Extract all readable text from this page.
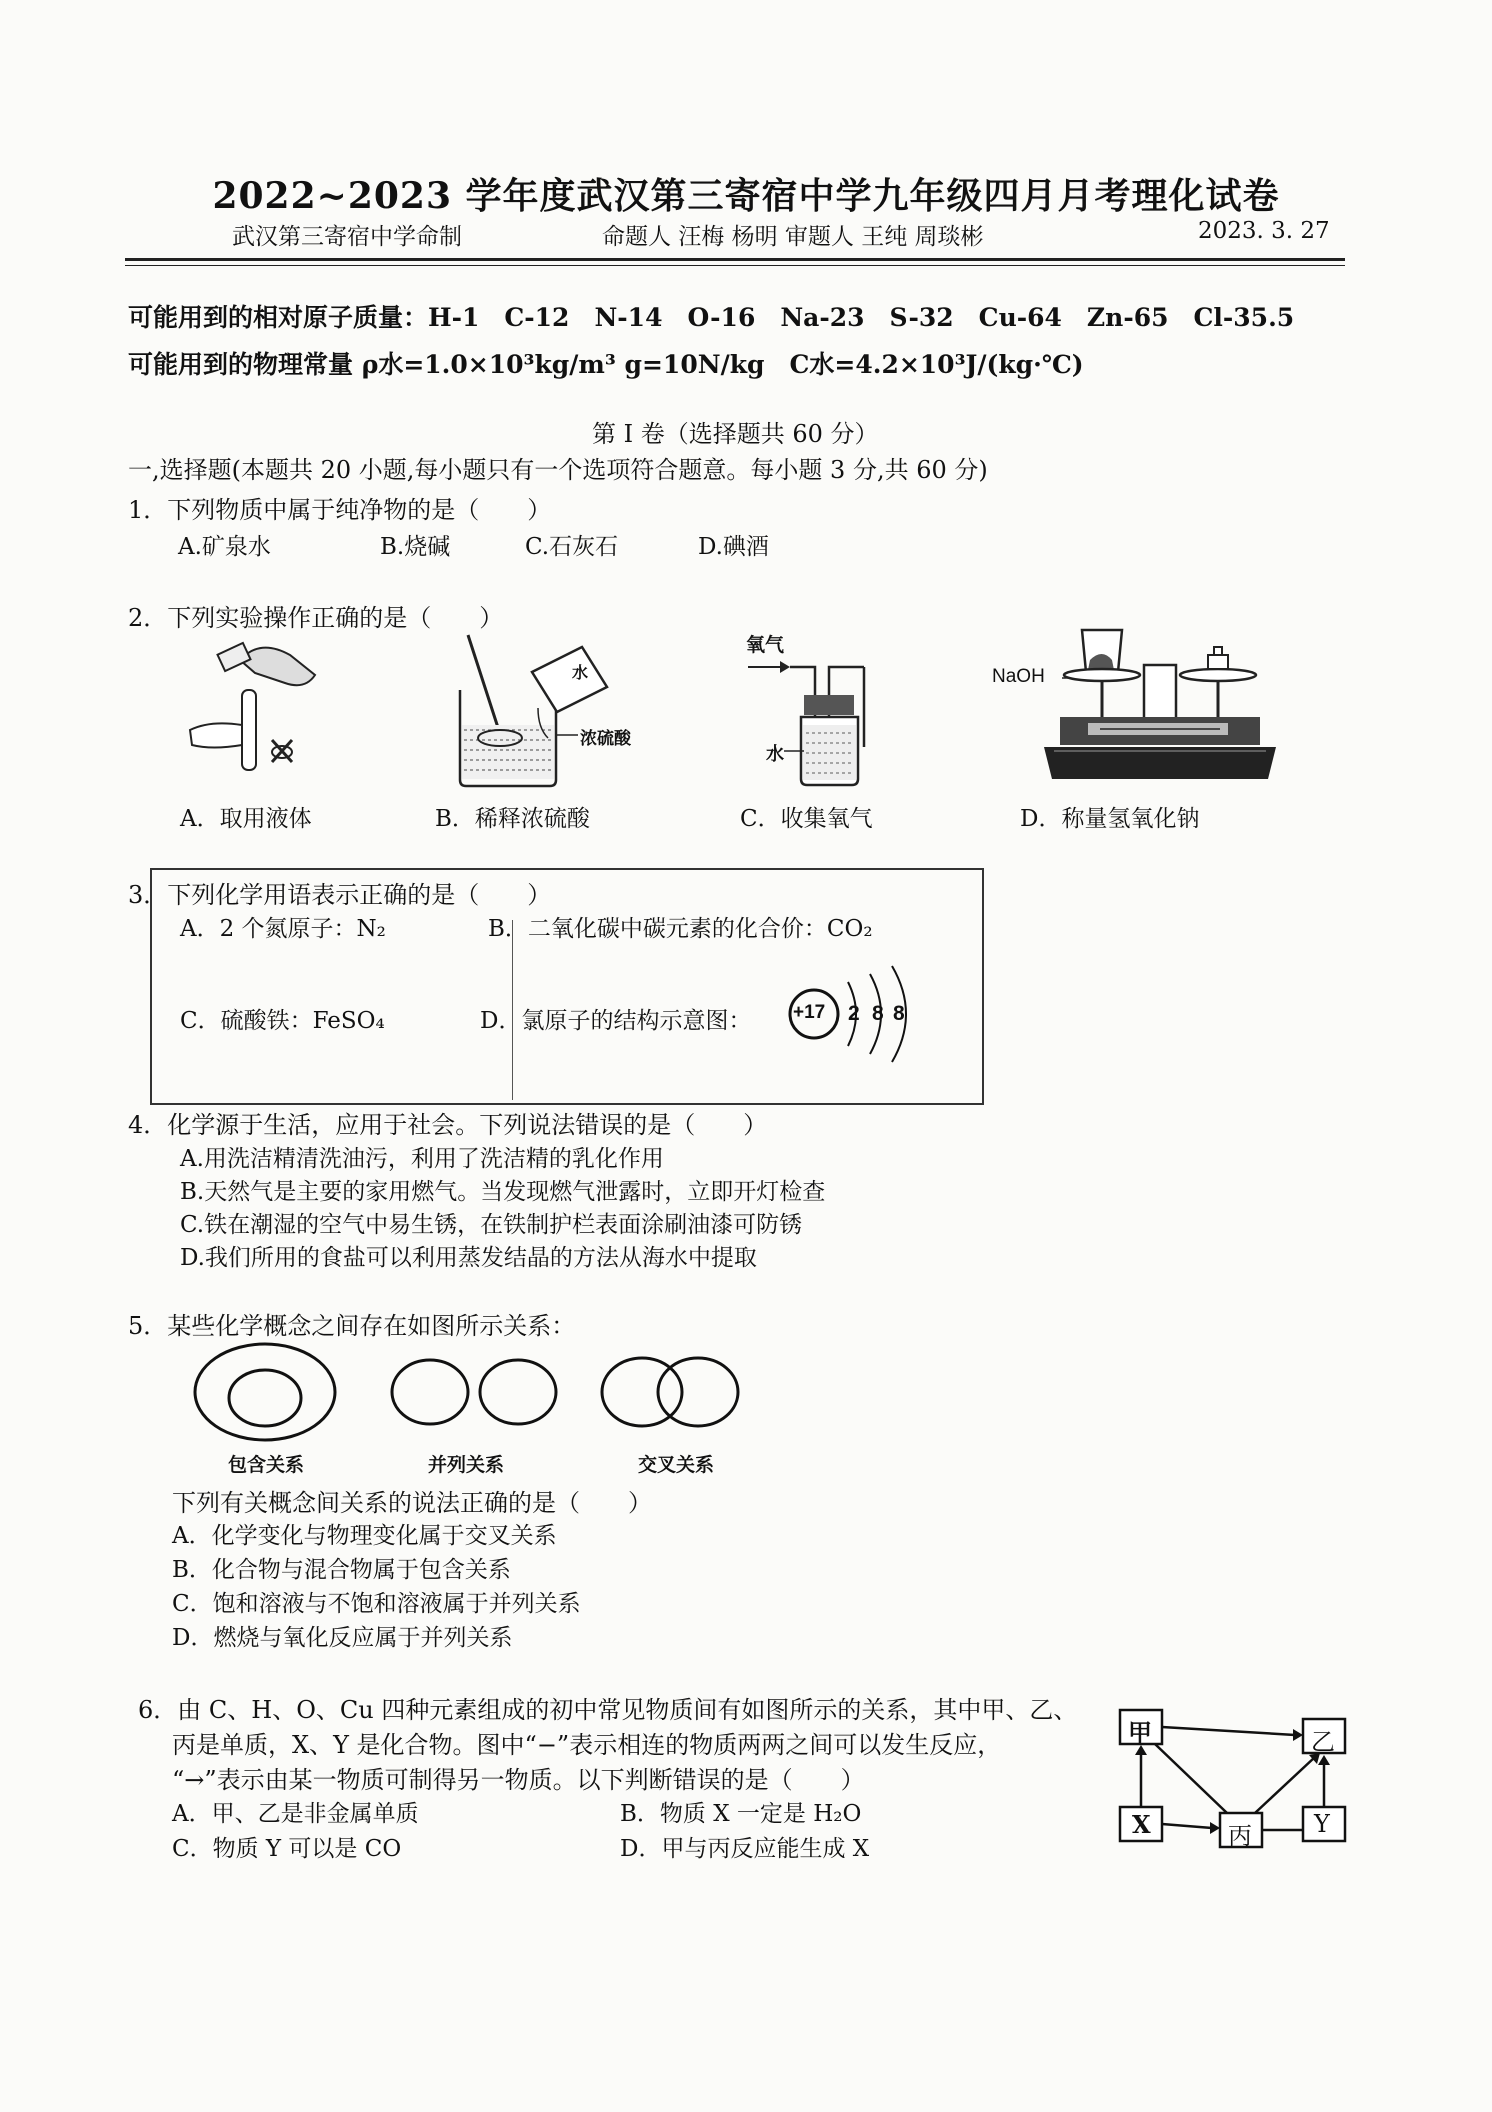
2022~2023 学年度武汉第三寄宿中学九年级四月月考理化试卷
武汉第三寄宿中学命制	命题人 汪梅 杨明 审题人 王纯 周琰彬	2023. 3. 27
可能用到的相对原子质量：H-1　C-12　N-14　O-16　Na-23　S-32　Cu-64　Zn-65　Cl-35.5
可能用到的物理常量 ρ水=1.0×10³kg/m³ g=10N/kg　C水=4.2×10³J/(kg·℃)
第 I 卷（选择题共 60 分）
一,选择题(本题共 20 小题,每小题只有一个选项符合题意。每小题 3 分,共 60 分)
1．下列物质中属于纯净物的是（　　）
A.矿泉水	B.烧碱	C.石灰石	D.碘酒
2．下列实验操作正确的是（　　）
水
浓硫酸
氧气
水
NaOH
A．取用液体	B．稀释浓硫酸	C．收集氧气	D．称量氢氧化钠
3．下列化学用语表示正确的是（　　）
A．2 个氮原子：N₂	B．二氧化碳中碳元素的化合价：CO₂
C．硫酸铁：FeSO₄	D．氯原子的结构示意图： +17 2 8 8
4．化学源于生活，应用于社会。下列说法错误的是（　　）
A.用洗洁精清洗油污，利用了洗洁精的乳化作用
B.天然气是主要的家用燃气。当发现燃气泄露时，立即开灯检查
C.铁在潮湿的空气中易生锈，在铁制护栏表面涂刷油漆可防锈
D.我们所用的食盐可以利用蒸发结晶的方法从海水中提取
5．某些化学概念之间存在如图所示关系：
包含关系	并列关系	交叉关系
下列有关概念间关系的说法正确的是（　　）
A．化学变化与物理变化属于交叉关系
B．化合物与混合物属于包含关系
C．饱和溶液与不饱和溶液属于并列关系
D．燃烧与氧化反应属于并列关系
6．由 C、H、O、Cu 四种元素组成的初中常见物质间有如图所示的关系，其中甲、乙、
丙是单质，X、Y 是化合物。图中“−”表示相连的物质两两之间可以发生反应，
“→”表示由某一物质可制得另一物质。以下判断错误的是（　　）
A．甲、乙是非金属单质	B．物质 X 一定是 H₂O
C．物质 Y 可以是 CO	D．甲与丙反应能生成 X
甲	乙
X	丙	Y
